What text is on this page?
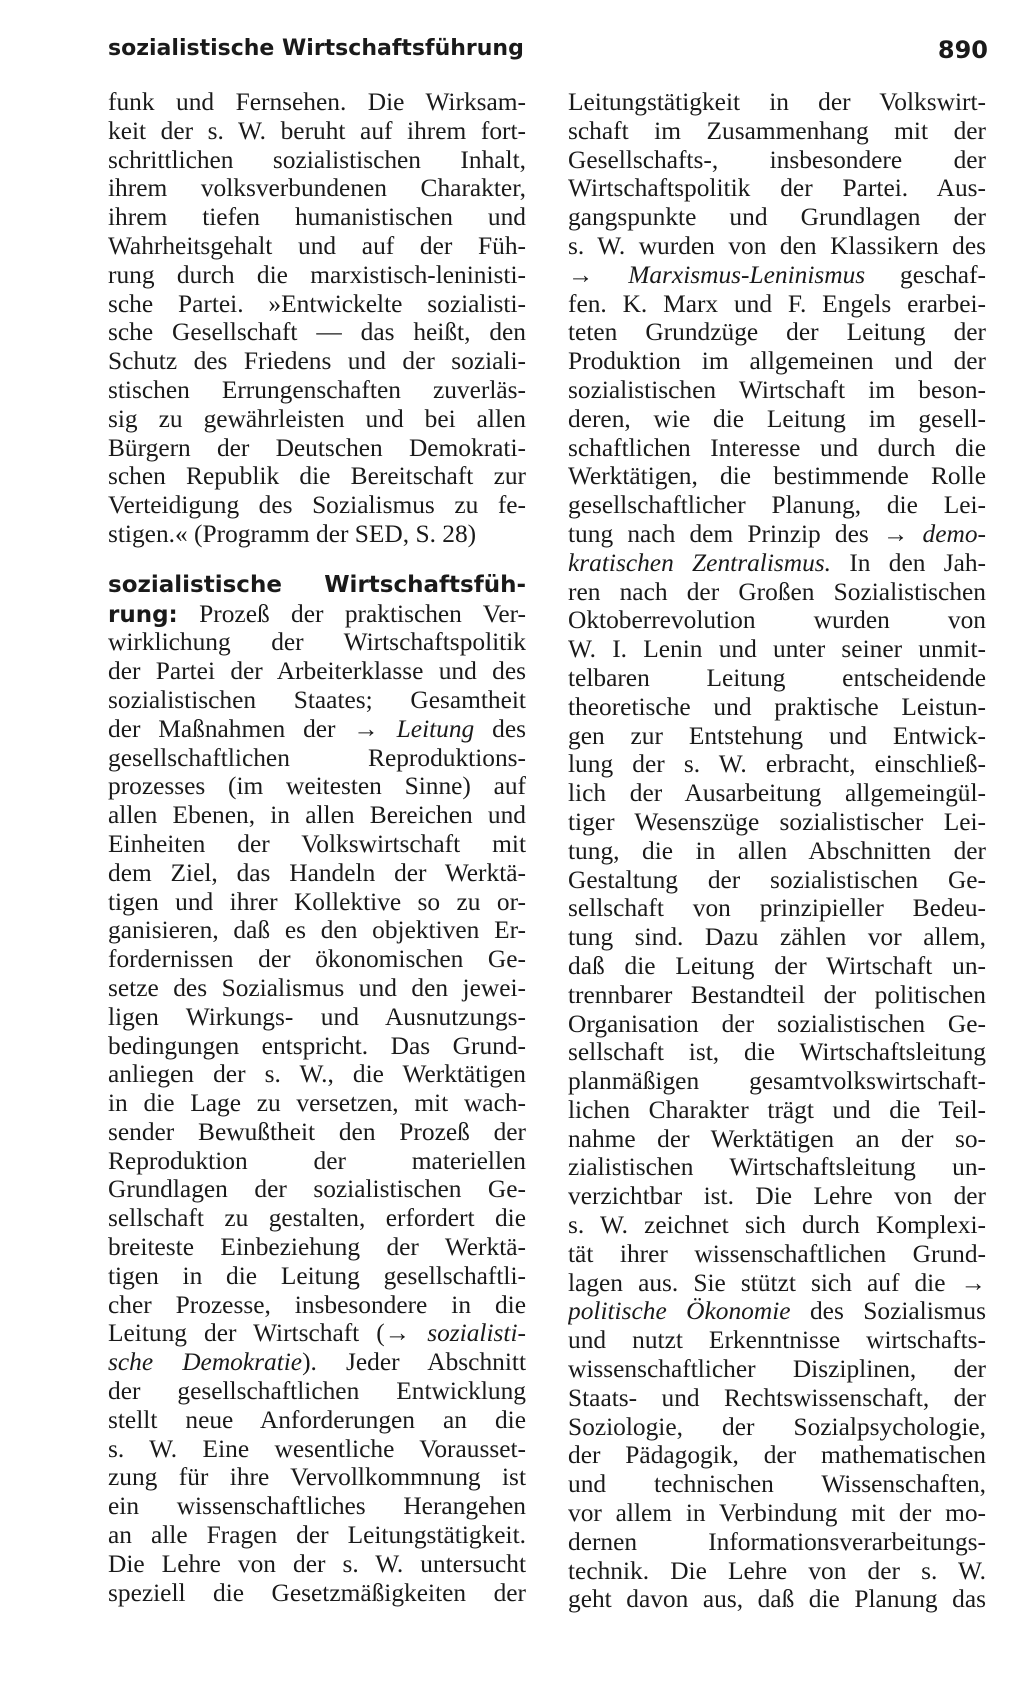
sozialistische Wirtschaftsführung	890
funk und Fernsehen. Die Wirksam-
keit der s. W. beruht auf ihrem fort-
schrittlichen sozialistischen Inhalt,
ihrem volksverbundenen Charakter,
ihrem tiefen humanistischen und
Wahrheitsgehalt und auf der Füh-
rung durch die marxistisch-leninisti-
sche Partei. »Entwickelte sozialisti-
sche Gesellschaft — das heißt, den
Schutz des Friedens und der soziali-
stischen Errungenschaften zuverläs-
sig zu gewährleisten und bei allen
Bürgern der Deutschen Demokrati-
schen Republik die Bereitschaft zur
Verteidigung des Sozialismus zu fe-
stigen.« (Programm der SED, S. 28)
sozialistische Wirtschaftsfüh-
rung: Prozeß der praktischen Ver-
wirklichung der Wirtschaftspolitik
der Partei der Arbeiterklasse und des
sozialistischen Staates; Gesamtheit
der Maßnahmen der → Leitung des
gesellschaftlichen Reproduktions-
prozesses (im weitesten Sinne) auf
allen Ebenen, in allen Bereichen und
Einheiten der Volkswirtschaft mit
dem Ziel, das Handeln der Werktä-
tigen und ihrer Kollektive so zu or-
ganisieren, daß es den objektiven Er-
fordernissen der ökonomischen Ge-
setze des Sozialismus und den jewei-
ligen Wirkungs- und Ausnutzungs-
bedingungen entspricht. Das Grund-
anliegen der s. W., die Werktätigen
in die Lage zu versetzen, mit wach-
sender Bewußtheit den Prozeß der
Reproduktion der materiellen
Grundlagen der sozialistischen Ge-
sellschaft zu gestalten, erfordert die
breiteste Einbeziehung der Werktä-
tigen in die Leitung gesellschaftli-
cher Prozesse, insbesondere in die
Leitung der Wirtschaft (→ sozialisti-
sche Demokratie). Jeder Abschnitt
der gesellschaftlichen Entwicklung
stellt neue Anforderungen an die
s. W. Eine wesentliche Vorausset-
zung für ihre Vervollkommnung ist
ein wissenschaftliches Herangehen
an alle Fragen der Leitungstätigkeit.
Die Lehre von der s. W. untersucht
speziell die Gesetzmäßigkeiten der
Leitungstätigkeit in der Volkswirt-
schaft im Zusammenhang mit der
Gesellschafts-, insbesondere der
Wirtschaftspolitik der Partei. Aus-
gangspunkte und Grundlagen der
s. W. wurden von den Klassikern des
→ Marxismus-Leninismus geschaf-
fen. K. Marx und F. Engels erarbei-
teten Grundzüge der Leitung der
Produktion im allgemeinen und der
sozialistischen Wirtschaft im beson-
deren, wie die Leitung im gesell-
schaftlichen Interesse und durch die
Werktätigen, die bestimmende Rolle
gesellschaftlicher Planung, die Lei-
tung nach dem Prinzip des → demo-
kratischen Zentralismus. In den Jah-
ren nach der Großen Sozialistischen
Oktoberrevolution wurden von
W. I. Lenin und unter seiner unmit-
telbaren Leitung entscheidende
theoretische und praktische Leistun-
gen zur Entstehung und Entwick-
lung der s. W. erbracht, einschließ-
lich der Ausarbeitung allgemeingül-
tiger Wesenszüge sozialistischer Lei-
tung, die in allen Abschnitten der
Gestaltung der sozialistischen Ge-
sellschaft von prinzipieller Bedeu-
tung sind. Dazu zählen vor allem,
daß die Leitung der Wirtschaft un-
trennbarer Bestandteil der politischen
Organisation der sozialistischen Ge-
sellschaft ist, die Wirtschaftsleitung
planmäßigen gesamtvolkswirtschaft-
lichen Charakter trägt und die Teil-
nahme der Werktätigen an der so-
zialistischen Wirtschaftsleitung un-
verzichtbar ist. Die Lehre von der
s. W. zeichnet sich durch Komplexi-
tät ihrer wissenschaftlichen Grund-
lagen aus. Sie stützt sich auf die →
politische Ökonomie des Sozialismus
und nutzt Erkenntnisse wirtschafts-
wissenschaftlicher Disziplinen, der
Staats- und Rechtswissenschaft, der
Soziologie, der Sozialpsychologie,
der Pädagogik, der mathematischen
und technischen Wissenschaften,
vor allem in Verbindung mit der mo-
dernen Informationsverarbeitungs-
technik. Die Lehre von der s. W.
geht davon aus, daß die Planung das
